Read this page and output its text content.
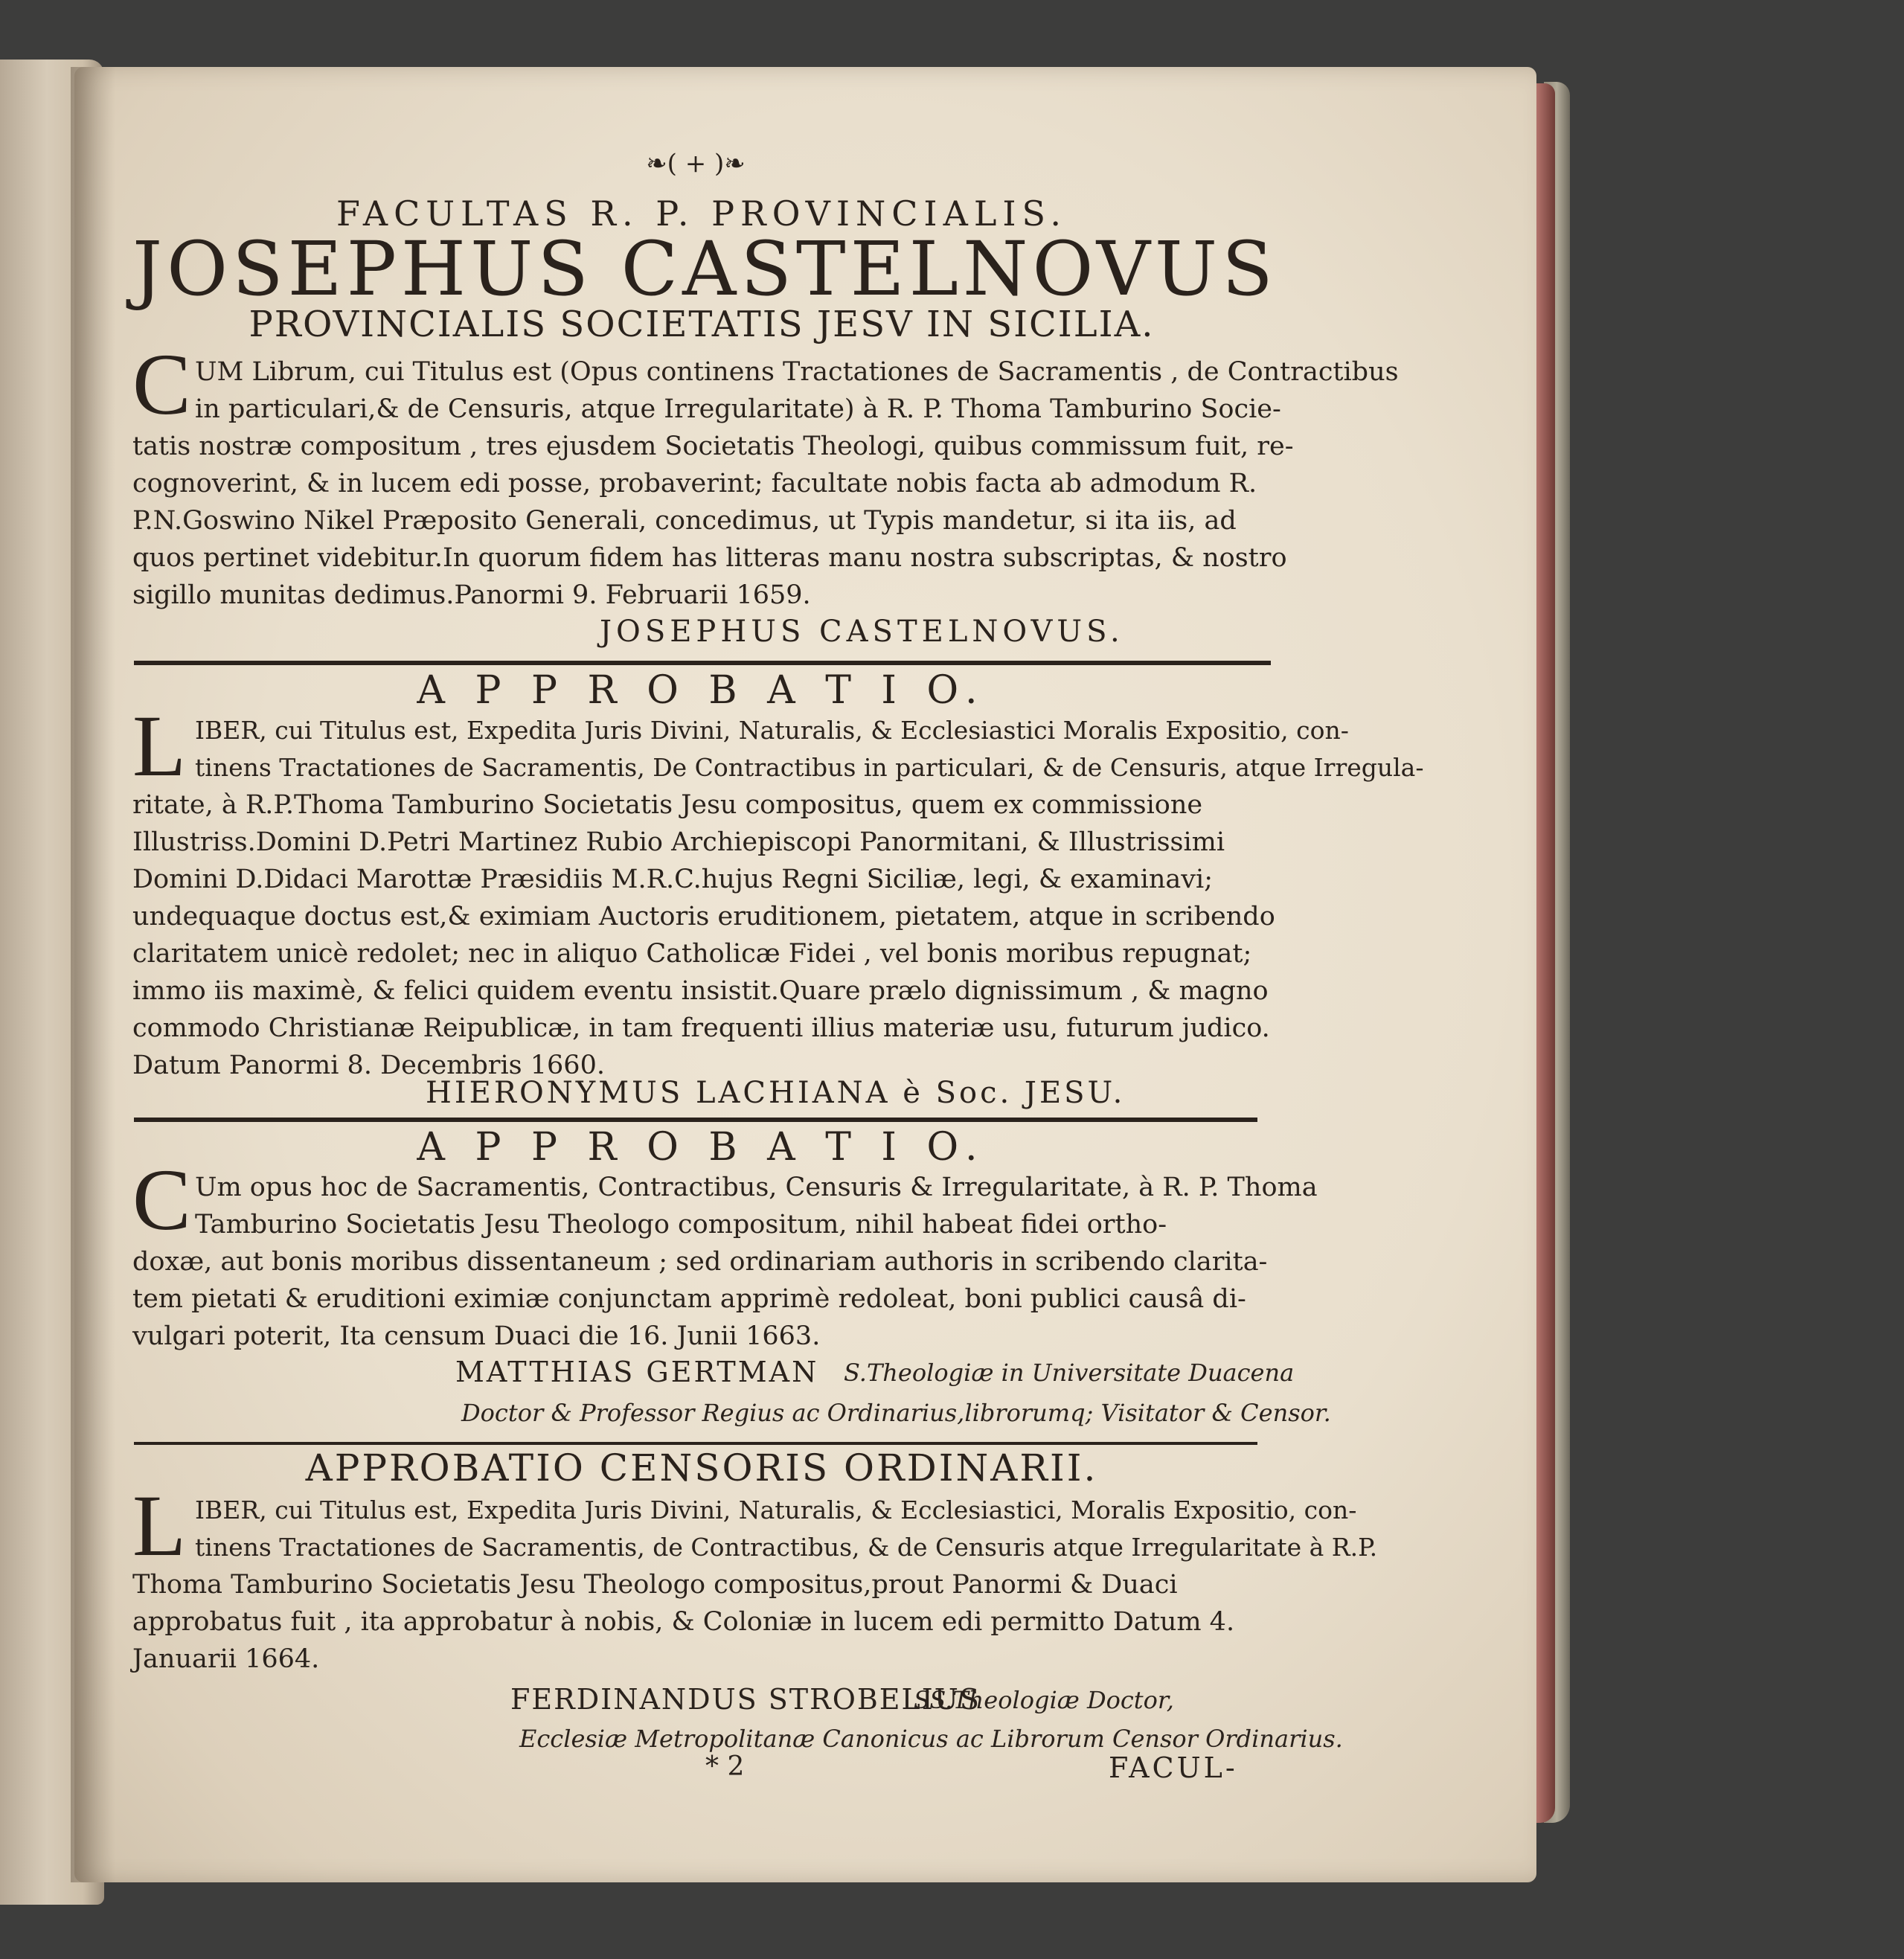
❧( + )❧
FACULTAS R. P. PROVINCIALIS.
JOSEPHUS CASTELNOVUS
PROVINCIALIS SOCIETATIS JESV IN SICILIA.
C UM Librum, cui Titulus est (Opus continens Tractationes de Sacramentis , de Contractibus
in particulari,& de Censuris, atque Irregularitate) à R. P. Thoma Tamburino Socie-
tatis nostræ compositum , tres ejusdem Societatis Theologi, quibus commissum fuit, re-
cognoverint, & in lucem edi posse, probaverint; facultate nobis facta ab admodum R.
P.N.Goswino Nikel Præposito Generali, concedimus, ut Typis mandetur, si ita iis, ad
quos pertinet videbitur.In quorum fidem has litteras manu nostra subscriptas, & nostro
sigillo munitas dedimus.Panormi 9. Februarii 1659.
JOSEPHUS CASTELNOVUS.
A P P R O B A T I O.
L IBER, cui Titulus est, Expedita Juris Divini, Naturalis, & Ecclesiastici Moralis Expositio, con-
tinens Tractationes de Sacramentis, De Contractibus in particulari, & de Censuris, atque Irregula-
ritate, à R.P.Thoma Tamburino Societatis Jesu compositus, quem ex commissione
Illustriss.Domini D.Petri Martinez Rubio Archiepiscopi Panormitani, & Illustrissimi
Domini D.Didaci Marottæ Præsidiis M.R.C.hujus Regni Siciliæ, legi, & examinavi;
undequaque doctus est,& eximiam Auctoris eruditionem, pietatem, atque in scribendo
claritatem unicè redolet; nec in aliquo Catholicæ Fidei , vel bonis moribus repugnat;
immo iis maximè, & felici quidem eventu insistit.Quare prælo dignissimum , & magno
commodo Christianæ Reipublicæ, in tam frequenti illius materiæ usu, futurum judico.
Datum Panormi 8. Decembris 1660.
HIERONYMUS LACHIANA è Soc. JESU.
A P P R O B A T I O.
C Um opus hoc de Sacramentis, Contractibus, Censuris & Irregularitate, à R. P. Thoma
Tamburino Societatis Jesu Theologo compositum, nihil habeat fidei ortho-
doxæ, aut bonis moribus dissentaneum ; sed ordinariam authoris in scribendo clarita-
tem pietati & eruditioni eximiæ conjunctam apprimè redoleat, boni publici causâ di-
vulgari poterit, Ita censum Duaci die 16. Junii 1663.
MATTHIAS GERTMAN S.Theologiæ in Universitate Duacena
Doctor & Professor Regius ac Ordinarius,librorumq; Visitator & Censor.
APPROBATIO CENSORIS ORDINARII.
L IBER, cui Titulus est, Expedita Juris Divini, Naturalis, & Ecclesiastici, Moralis Expositio, con-
tinens Tractationes de Sacramentis, de Contractibus, & de Censuris atque Irregularitate à R.P.
Thoma Tamburino Societatis Jesu Theologo compositus,prout Panormi & Duaci
approbatus fuit , ita approbatur à nobis, & Coloniæ in lucem edi permitto Datum 4.
Januarii 1664.
FERDINANDUS STROBELIUS
SS.Theologiæ Doctor,
Ecclesiæ Metropolitanæ Canonicus ac Librorum Censor Ordinarius.
* 2	FACUL-
